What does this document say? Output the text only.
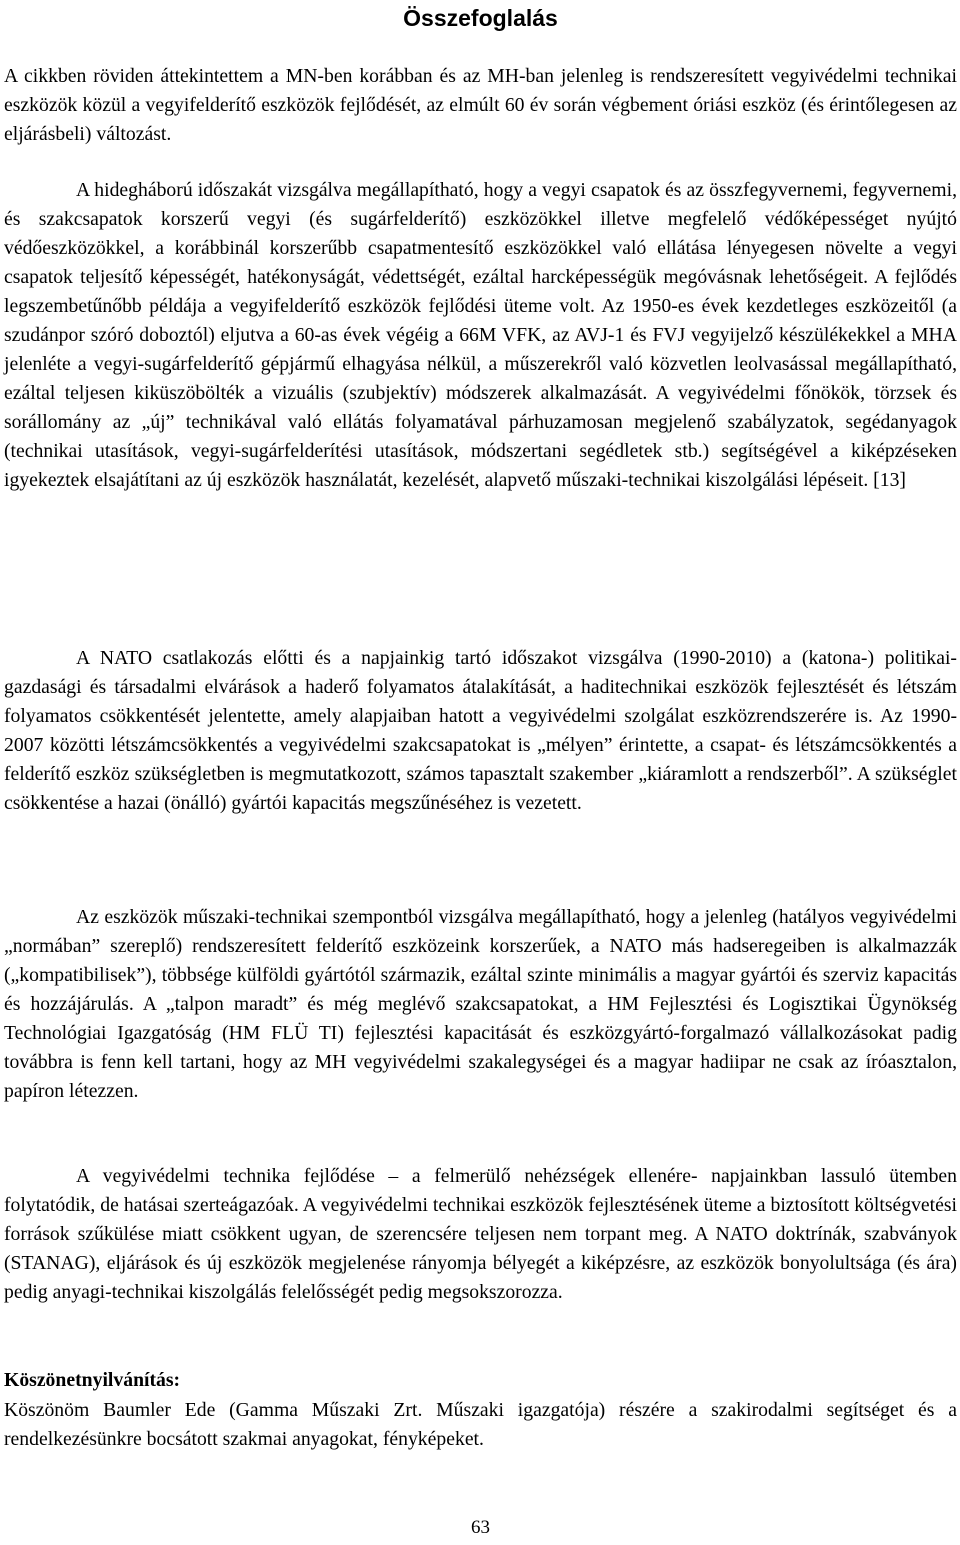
Összefoglalás

A cikkben röviden áttekintettem a MN-ben korábban és az MH-ban jelenleg is rendszeresített vegyivédelmi technikai eszközök közül a vegyifelderítő eszközök fejlődését, az elmúlt 60 év során végbement óriási eszköz (és érintőlegesen az eljárásbeli) változást.

A hidegháború időszakát vizsgálva megállapítható, hogy a vegyi csapatok és az összfegyvernemi, fegyvernemi, és szakcsapatok korszerű vegyi (és sugárfelderítő) eszközökkel illetve megfelelő védőképességet nyújtó védőeszközökkel, a korábbinál korszerűbb csapatmentesítő eszközökkel való ellátása lényegesen növelte a vegyi csapatok teljesítő képességét, hatékonyságát, védettségét, ezáltal harcképességük megóvásnak lehetőségeit. A fejlődés legszembetűnőbb példája a vegyifelderítő eszközök fejlődési üteme volt. Az 1950-es évek kezdetleges eszközeitől (a szudánpor szóró doboztól) eljutva a 60-as évek végéig a 66M VFK, az AVJ-1 és FVJ vegyijelző készülékekkel a MHA jelenléte a vegyi-sugárfelderítő gépjármű elhagyása nélkül, a műszerekről való közvetlen leolvasással megállapítható, ezáltal teljesen kiküszöbölték a vizuális (szubjektív) módszerek alkalmazását. A vegyivédelmi főnökök, törzsek és sorállomány az „új” technikával való ellátás folyamatával párhuzamosan megjelenő szabályzatok, segédanyagok (technikai utasítások, vegyi-sugárfelderítési utasítások, módszertani segédletek stb.) segítségével a kiképzéseken igyekeztek elsajátítani az új eszközök használatát, kezelését, alapvető műszaki-technikai kiszolgálási lépéseit. [13]

A NATO csatlakozás előtti és a napjainkig tartó időszakot vizsgálva (1990-2010) a (katona-) politikai-gazdasági és társadalmi elvárások a haderő folyamatos átalakítását, a haditechnikai eszközök fejlesztését és létszám folyamatos csökkentését jelentette, amely alapjaiban hatott a vegyivédelmi szolgálat eszközrendszerére is. Az 1990-2007 közötti létszámcsökkentés a vegyivédelmi szakcsapatokat is „mélyen” érintette, a csapat- és létszámcsökkentés a felderítő eszköz szükségletben is megmutatkozott, számos tapasztalt szakember „kiáramlott a rendszerből”. A szükséglet csökkentése a hazai (önálló) gyártói kapacitás megszűnéséhez is vezetett.

Az eszközök műszaki-technikai szempontból vizsgálva megállapítható, hogy a jelenleg (hatályos vegyivédelmi „normában” szereplő) rendszeresített felderítő eszközeink korszerűek, a NATO más hadseregeiben is alkalmazzák („kompatibilisek”), többsége külföldi gyártótól származik, ezáltal szinte minimális a magyar gyártói és szerviz kapacitás és hozzájárulás. A „talpon maradt” és még meglévő szakcsapatokat, a HM Fejlesztési és Logisztikai Ügynökség Technológiai Igazgatóság (HM FLÜ TI) fejlesztési kapacitását és eszközgyártó-forgalmazó vállalkozásokat padig továbbra is fenn kell tartani, hogy az MH vegyivédelmi szakalegységei és a magyar hadiipar ne csak az íróasztalon, papíron létezzen.

A vegyivédelmi technika fejlődése – a felmerülő nehézségek ellenére- napjainkban lassuló ütemben folytatódik, de hatásai szerteágazóak. A vegyivédelmi technikai eszközök fejlesztésének üteme a biztosított költségvetési források szűkülése miatt csökkent ugyan, de szerencsére teljesen nem torpant meg. A NATO doktrínák, szabványok (STANAG), eljárások és új eszközök megjelenése rányomja bélyegét a kiképzésre, az eszközök bonyolultsága (és ára) pedig anyagi-technikai kiszolgálás felelősségét pedig megsokszorozza.

Köszönetnyilvánítás:

Köszönöm Baumler Ede (Gamma Műszaki Zrt. Műszaki igazgatója) részére a szakirodalmi segítséget és a rendelkezésünkre bocsátott szakmai anyagokat, fényképeket.

63
